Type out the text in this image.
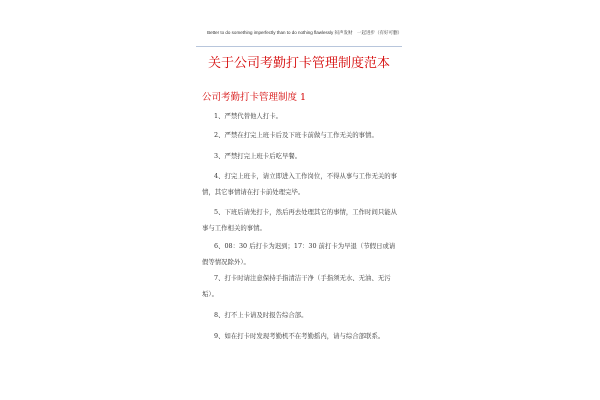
Better to do something imperfectly than to do nothing flawlessly 闷声发财　一起进步（有好可删）
关于公司考勤打卡管理制度范本
公司考勤打卡管理制度 1

1、严禁代替他人打卡。

2、严禁在打完上班卡后及下班卡前做与工作无关的事情。

3、严禁打完上班卡后吃早餐。

4、打完上班卡，请立即进入工作岗位，不得从事与工作无关的事情，其它事情请在打卡前处理完毕。

5、下班后请先打卡，然后再去处理其它的事情，工作时间只能从事与工作相关的事情。

6、08：30 后打卡为迟到；17：30 前打卡为早退（节假日或请假等情况除外）。

7、打卡时请注意保持手指清洁干净（手指须无水、无油、无污垢）。

8、打不上卡请及时报告综合部。

9、如在打卡时发现考勤机不在考勤摇内，请与综合部联系。
